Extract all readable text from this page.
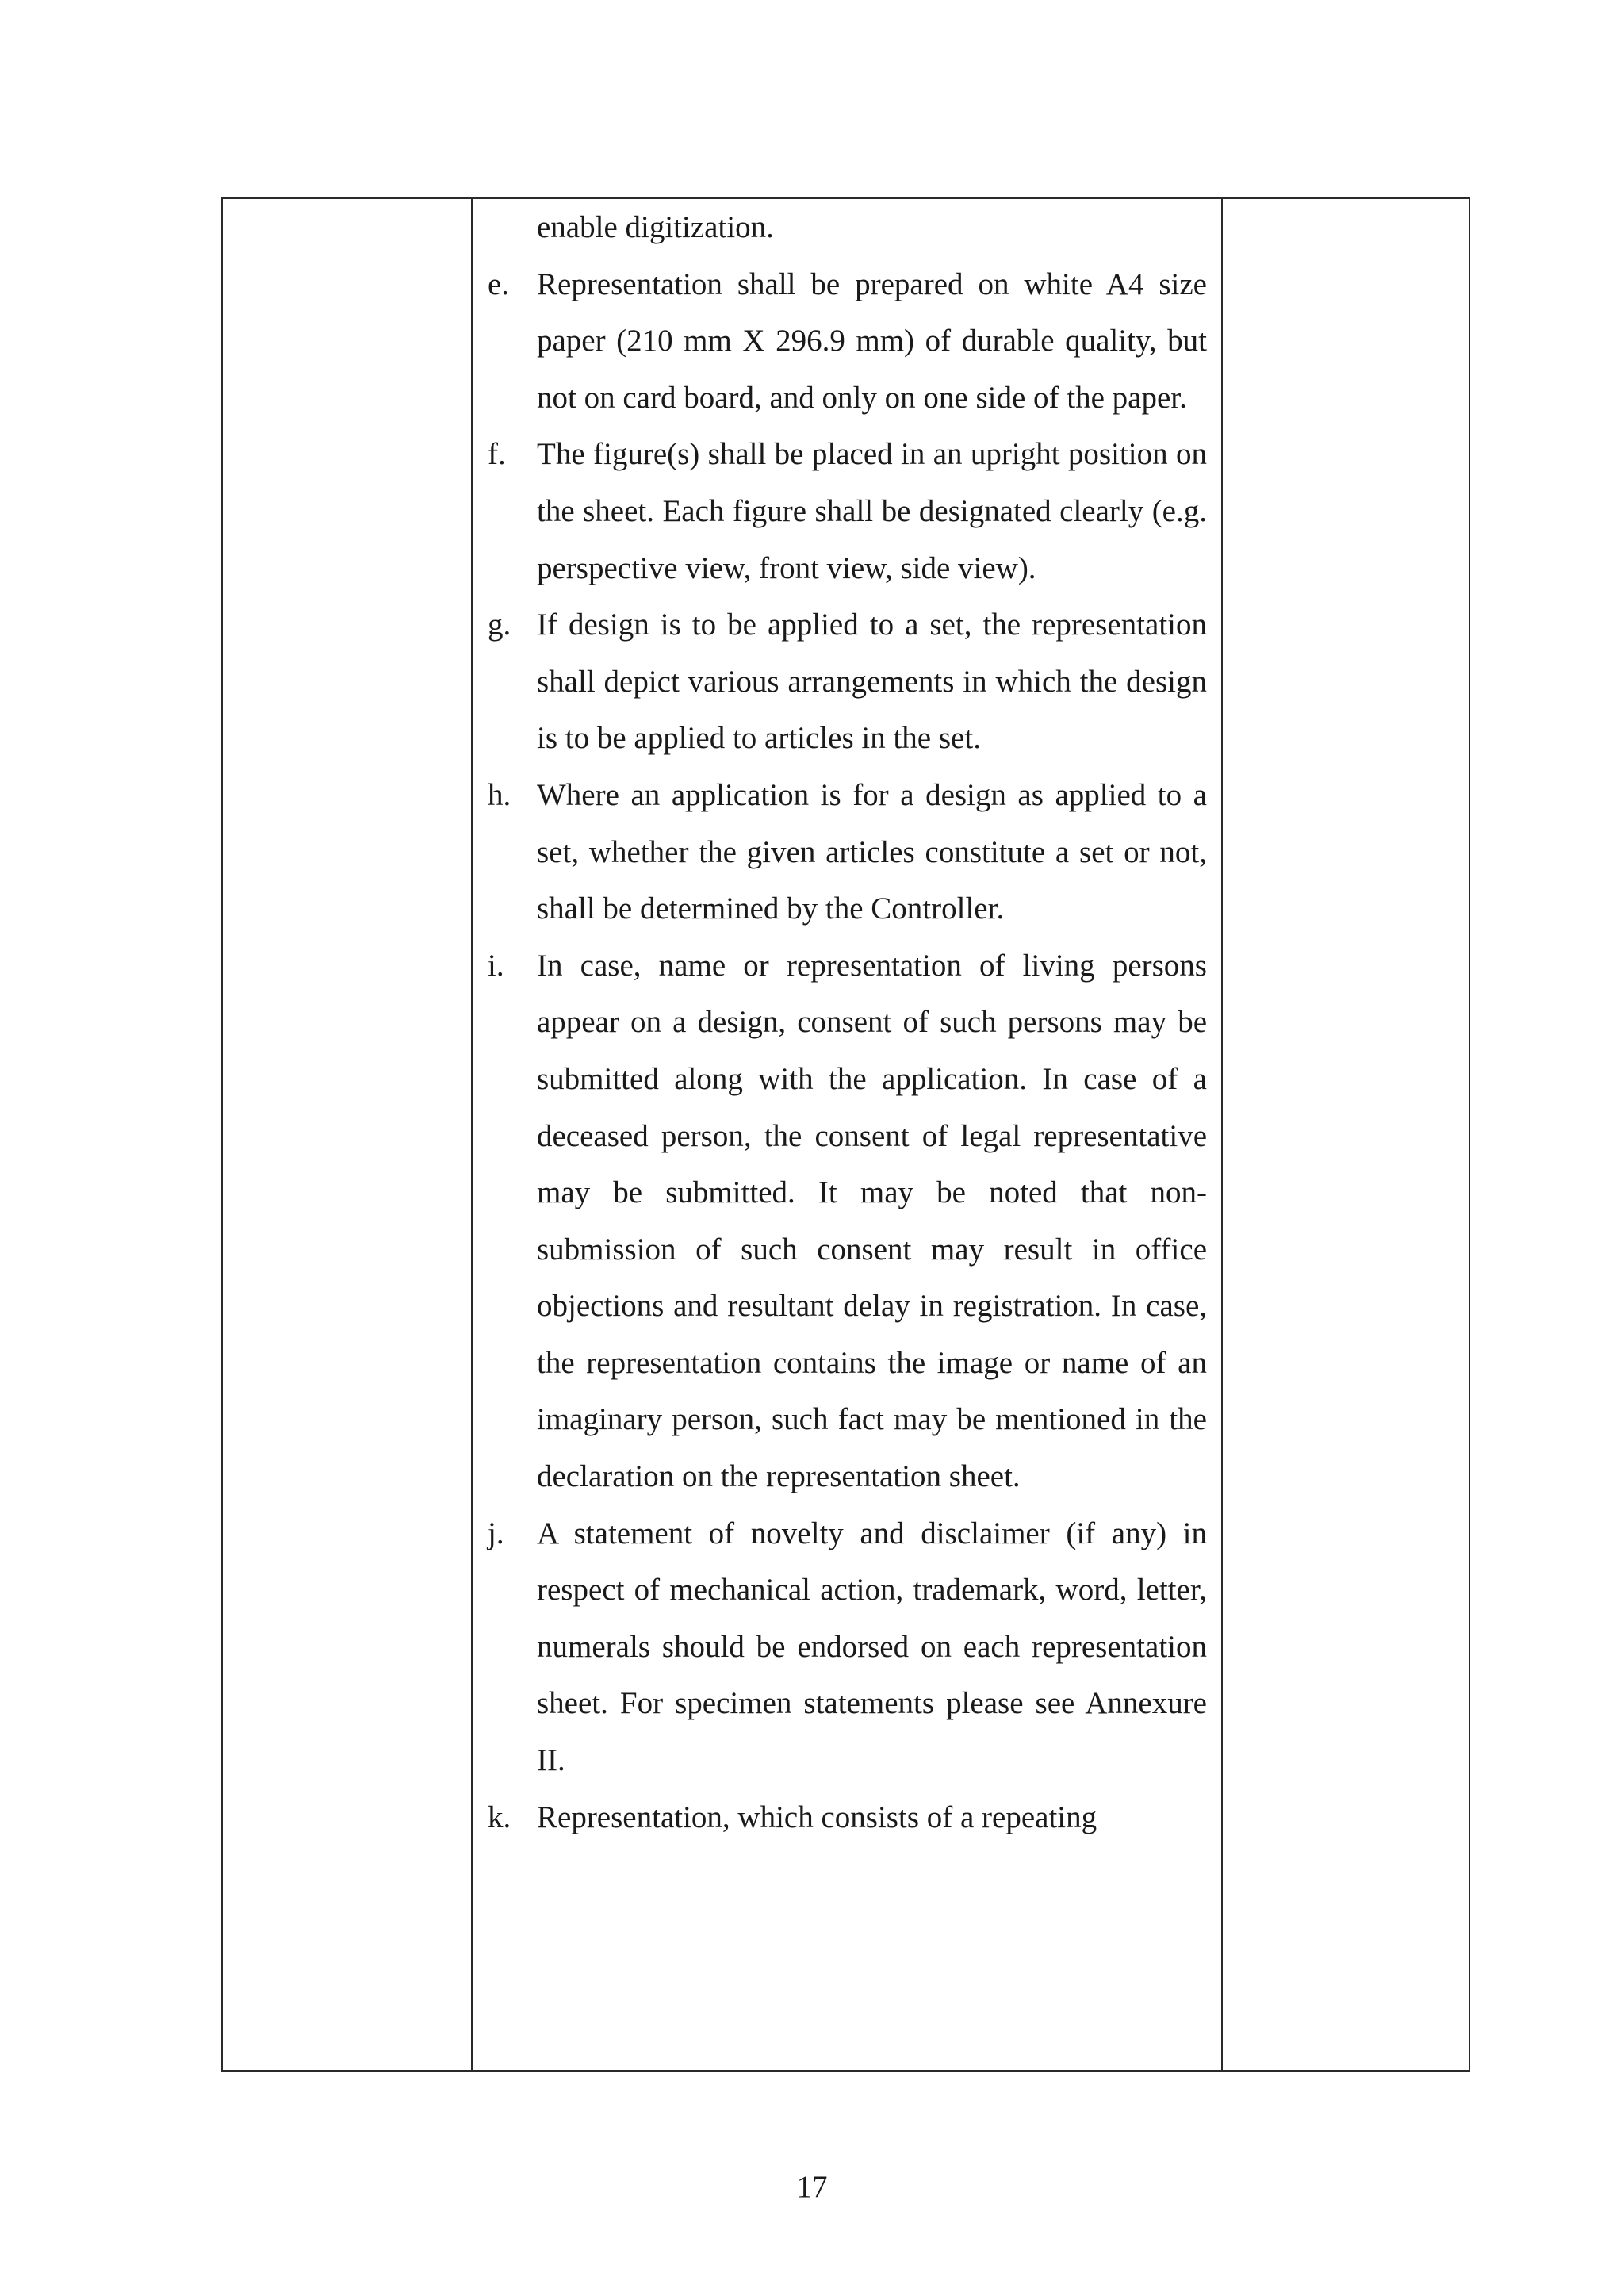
enable digitization.
e. Representation shall be prepared on white A4 size paper (210 mm X 296.9 mm) of durable quality, but not on card board, and only on one side of the paper.
f.	The figure(s) shall be placed in an upright position on the sheet. Each figure shall be designated clearly (e.g. perspective view, front view, side view).
g. If design is to be applied to a set, the representation shall depict various arrangements in which the design is to be applied to articles in the set.
h. Where an application is for a design as applied to a set, whether the given articles constitute a set or not, shall be determined by the Controller.
i.	In case, name or representation of living persons appear on a design, consent of such persons may be submitted along with the application. In case of a deceased person, the consent of legal representative may be submitted. It may be noted that non-submission of such consent may result in office objections and resultant delay in registration. In case, the representation contains the image or name of an imaginary person, such fact may be mentioned in the declaration on the representation sheet.
j.	A statement of novelty and disclaimer (if any) in respect of mechanical action, trademark, word, letter, numerals should be endorsed on each representation sheet. For specimen statements please see Annexure II.
k. Representation, which consists of a repeating
17
